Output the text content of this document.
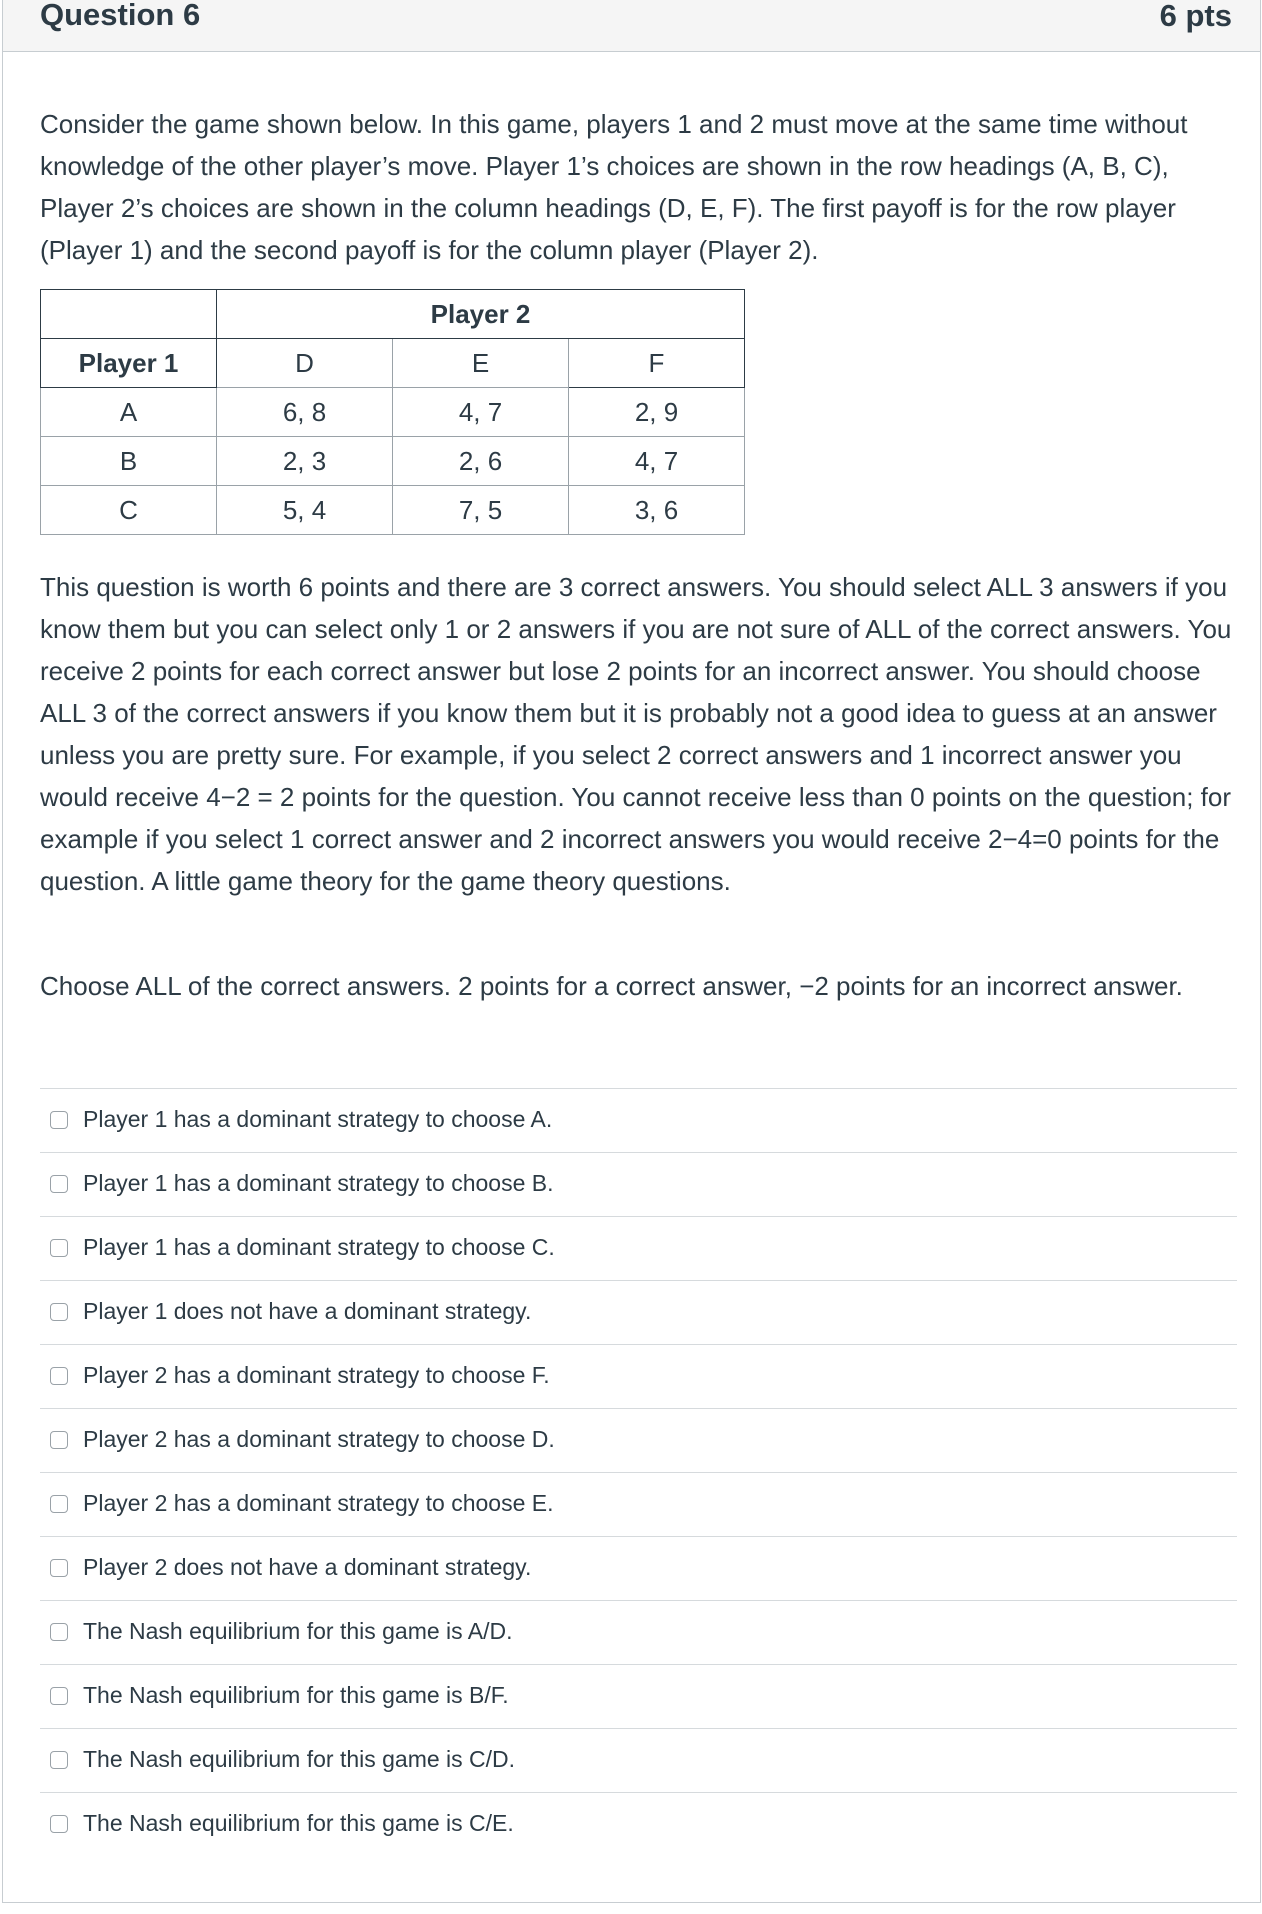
Question 6	6 pts

Consider the game shown below. In this game, players 1 and 2 must move at the same time without knowledge of the other player’s move. Player 1’s choices are shown in the row headings (A, B, C), Player 2’s choices are shown in the column headings (D, E, F). The first payoff is for the row player (Player 1) and the second payoff is for the column player (Player 2).

	Player 2		
Player 1	D	E	F
A	6, 8	4, 7	2, 9
B	2, 3	2, 6	4, 7
C	5, 4	7, 5	3, 6

This question is worth 6 points and there are 3 correct answers. You should select ALL 3 answers if you know them but you can select only 1 or 2 answers if you are not sure of ALL of the correct answers. You receive 2 points for each correct answer but lose 2 points for an incorrect answer. You should choose ALL 3 of the correct answers if you know them but it is probably not a good idea to guess at an answer unless you are pretty sure. For example, if you select 2 correct answers and 1 incorrect answer you would receive 4−2 = 2 points for the question. You cannot receive less than 0 points on the question; for example if you select 1 correct answer and 2 incorrect answers you would receive 2−4=0 points for the question. A little game theory for the game theory questions.

Choose ALL of the correct answers. 2 points for a correct answer, −2 points for an incorrect answer.

Player 1 has a dominant strategy to choose A.
Player 1 has a dominant strategy to choose B.
Player 1 has a dominant strategy to choose C.
Player 1 does not have a dominant strategy.
Player 2 has a dominant strategy to choose F.
Player 2 has a dominant strategy to choose D.
Player 2 has a dominant strategy to choose E.
Player 2 does not have a dominant strategy.
The Nash equilibrium for this game is A/D.
The Nash equilibrium for this game is B/F.
The Nash equilibrium for this game is C/D.
The Nash equilibrium for this game is C/E.
